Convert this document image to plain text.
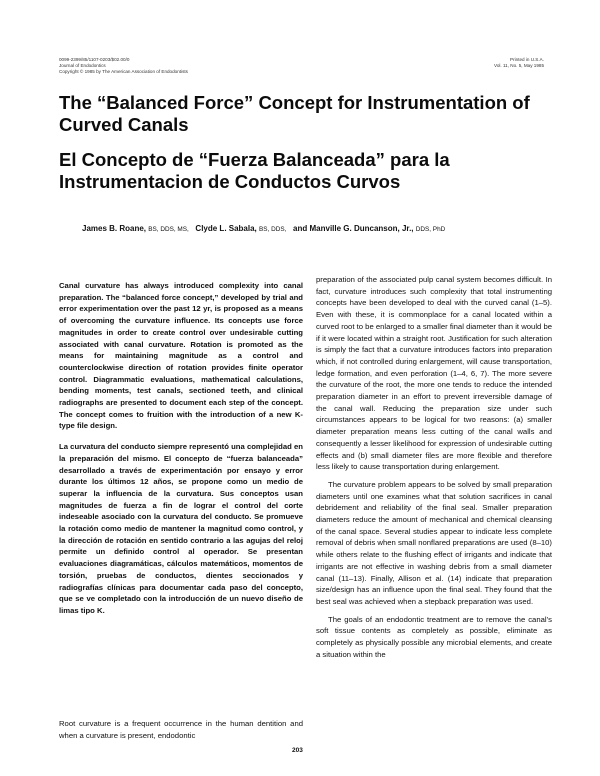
0099-2399/85/1107-0203/$02.00/0
Journal of Endodontics
Copyright © 1985 by The American Association of Endodontists
Printed in U.S.A.
Vol. 11, No. 5, May 1985
The “Balanced Force” Concept for Instrumentation of Curved Canals
El Concepto de “Fuerza Balanceada” para la Instrumentacion de Conductos Curvos
James B. Roane, BS, DDS, MS, Clyde L. Sabala, BS, DDS, and Manville G. Duncanson, Jr., DDS, PhD

Canal curvature has always introduced complexity into canal preparation. The “balanced force concept,” developed by trial and error experimentation over the past 12 yr, is proposed as a means of overcoming the curvature influence. Its concepts use force magnitudes in order to create control over undesirable cutting associated with canal curvature. Rotation is promoted as the means for maintaining magnitude as a control and counterclockwise direction of rotation provides finite operator control. Diagrammatic evaluations, mathematical calculations, bending moments, test canals, sectioned teeth, and clinical radiographs are presented to document each step of the concept. The concept comes to fruition with the introduction of a new K-type file design.

La curvatura del conducto siempre representó una complejidad en la preparación del mismo. El concepto de “fuerza balanceada” desarrollado a través de experimentación por ensayo y error durante los últimos 12 años, se propone como un medio de superar la influencia de la curvatura. Sus conceptos usan magnitudes de fuerza a fin de lograr el control del corte indeseable asociado con la curvatura del conducto. Se promueve la rotación como medio de mantener la magnitud como control, y la dirección de rotación en sentido contrario a las agujas del reloj permite un definido control al operador. Se presentan evaluaciones diagramáticas, cálculos matemáticos, momentos de torsión, pruebas de conductos, dientes seccionados y radiografías clínicas para documentar cada paso del concepto, que se ve completado con la introducción de un nuevo diseño de limas tipo K.

Root curvature is a frequent occurrence in the human dentition and when a curvature is present, endodontic

preparation of the associated pulp canal system becomes difficult. In fact, curvature introduces such complexity that total instrumenting concepts have been developed to deal with the curved canal (1–5). Even with these, it is commonplace for a canal located within a curved root to be enlarged to a smaller final diameter than it would be if it were located within a straight root. Justification for such alteration is simply the fact that a curvature introduces factors into preparation which, if not controlled during enlargement, will cause transportation, ledge formation, and even perforation (1–4, 6, 7). The more severe the curvature of the root, the more one tends to reduce the intended preparation diameter in an effort to prevent irreversible damage of the canal wall. Reducing the preparation size under such circumstances appears to be logical for two reasons: (a) smaller diameter preparation means less cutting of the canal walls and consequently a lesser likelihood for expression of undesirable cutting effects and (b) small diameter files are more flexible and therefore less likely to cause transportation during enlargement.

The curvature problem appears to be solved by small preparation diameters until one examines what that solution sacrifices in canal debridement and reliability of the final seal. Smaller preparation diameters reduce the amount of mechanical and chemical cleansing of the canal space. Several studies appear to indicate less complete removal of debris when small nonflared preparations are used (8–10) while others relate to the flushing effect of irrigants and indicate that irrigants are not effective in washing debris from a small diameter canal (11–13). Finally, Allison et al. (14) indicate that preparation size/design has an influence upon the final seal. They found that the best seal was achieved when a stepback preparation was used.

The goals of an endodontic treatment are to remove the canal’s soft tissue contents as completely as possible, eliminate as completely as physically possible any microbial elements, and create a situation within the

203
